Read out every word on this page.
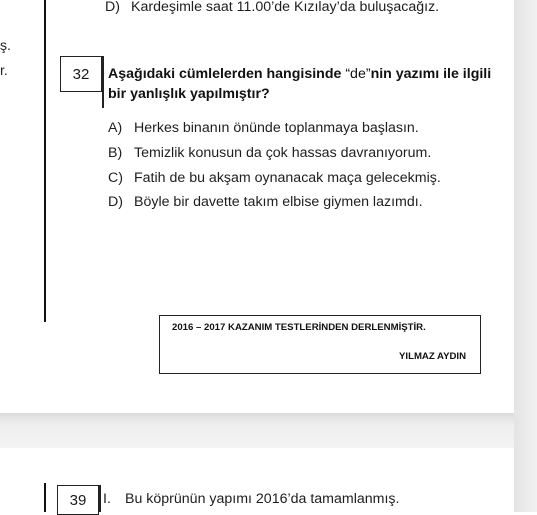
ş.
r.
D) Kardeşimle saat 11.00’de Kızılay’da buluşacağız.
32 Aşağıdaki cümlelerden hangisinde “de”nin yazımı ile ilgili bir yanlışlık yapılmıştır?
A) Herkes binanın önünde toplanmaya başlasın.
B) Temizlik konusun da çok hassas davranıyorum.
C) Fatih de bu akşam oynanacak maça gelecekmiş.
D) Böyle bir davette takım elbise giymen lazımdı.
2016 – 2017 KAZANIM TESTLERİNDEN DERLENMİŞTİR.
YILMAZ AYDIN
39 I. Bu köprünün yapımı 2016’da tamamlanmış.
